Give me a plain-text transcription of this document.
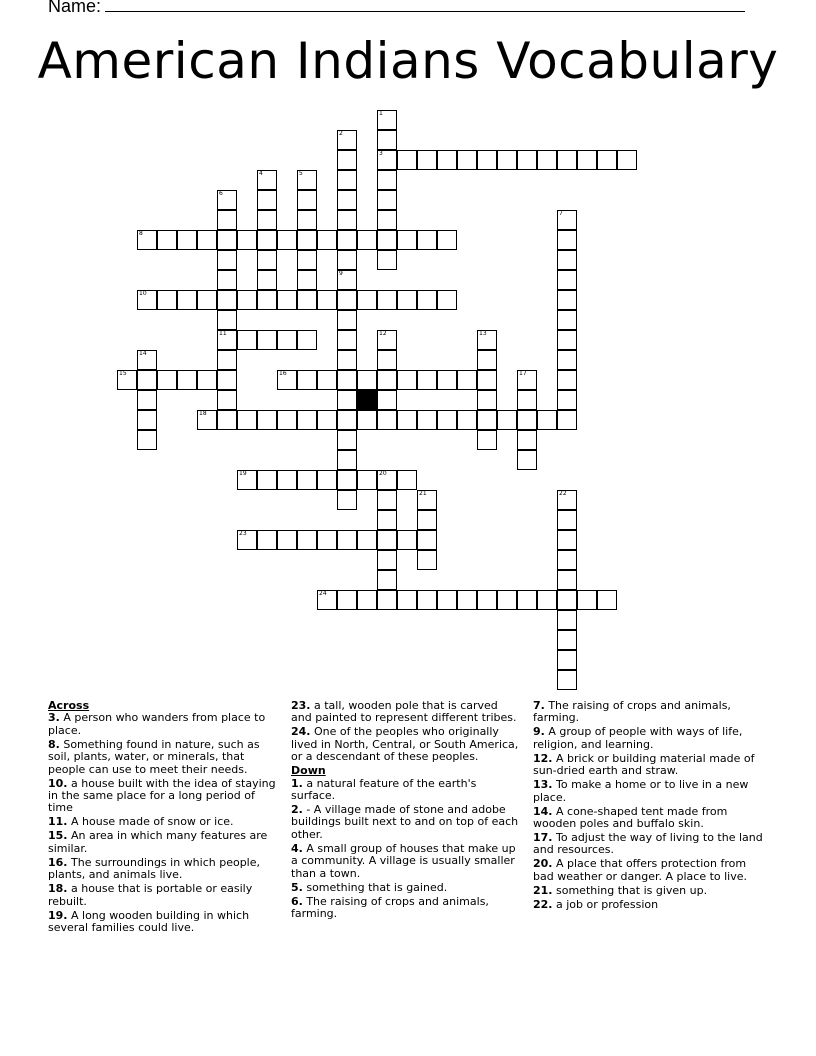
Name:
American Indians Vocabulary
1
3
2
4	5
6
11
7
8
9
10
12	13
14
15	16	17
18
19	20
21	22
23
24
Across
3. A person who wanders from place to place.
8. Something found in nature, such as soil, plants, water, or minerals, that people can use to meet their needs.
10. a house built with the idea of staying in the same place for a long period of time
11. A house made of snow or ice.
15. An area in which many features are similar.
16. The surroundings in which people, plants, and animals live.
18. a house that is portable or easily rebuilt.
19. A long wooden building in which several families could live.
23. a tall, wooden pole that is carved and painted to represent different tribes.
24. One of the peoples who originally lived in North, Central, or South America, or a descendant of these peoples.
Down
1. a natural feature of the earth's surface.
2. - A village made of stone and adobe buildings built next to and on top of each other.
4. A small group of houses that make up a community. A village is usually smaller than a town.
5. something that is gained.
6. The raising of crops and animals, farming.
7. The raising of crops and animals, farming.
9. A group of people with ways of life, religion, and learning.
12. A brick or building material made of sun-dried earth and straw.
13. To make a home or to live in a new place.
14. A cone-shaped tent made from wooden poles and buffalo skin.
17. To adjust the way of living to the land and resources.
20. A place that offers protection from bad weather or danger. A place to live.
21. something that is given up.
22. a job or profession
